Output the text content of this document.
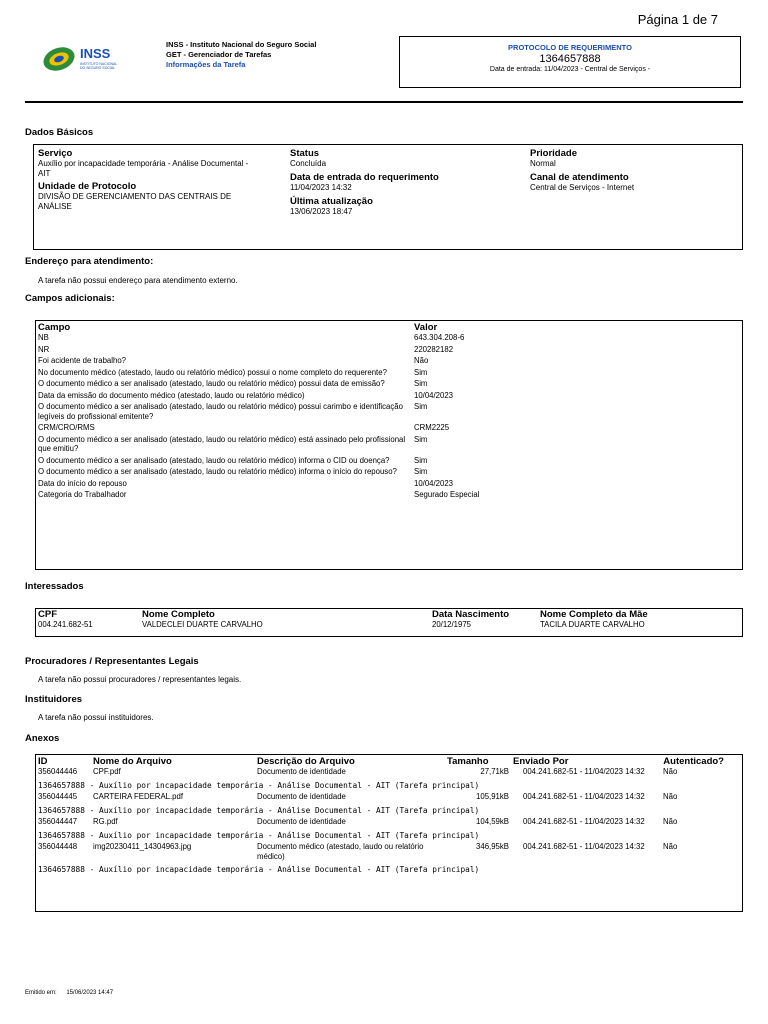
Página 1 de 7
INSS
INSTITUTO NACIONAL
DO SEGURO SOCIAL
INSS - Instituto Nacional do Seguro Social
GET - Gerenciador de Tarefas
Informações da Tarefa
PROTOCOLO DE REQUERIMENTO
1364657888
Data de entrada: 11/04/2023 - Central de Serviços -
Dados Básicos
Serviço
Auxílio por incapacidade temporária - Análise Documental - AIT
Unidade de Protocolo
DIVISÃO DE GERENCIAMENTO DAS CENTRAIS DE ANÁLISE
Status
Concluída
Data de entrada do requerimento
11/04/2023 14:32
Última atualização
13/06/2023 18:47
Prioridade
Normal
Canal de atendimento
Central de Serviços - Internet
Endereço para atendimento:
A tarefa não possui endereço para atendimento externo.
Campos adicionais:
Campo	Valor
NB	643.304.208-6
NR	220282182
Foi acidente de trabalho?	Não
No documento médico (atestado, laudo ou relatório médico) possui o nome completo do requerente?	Sim
O documento médico a ser analisado (atestado, laudo ou relatório médico) possui data de emissão?	Sim
Data da emissão do documento médico (atestado, laudo ou relatório médico)	10/04/2023
O documento médico a ser analisado (atestado, laudo ou relatório médico) possui carimbo e identificação legíveis do profissional emitente?	Sim
CRM/CRO/RMS	CRM2225
O documento médico a ser analisado (atestado, laudo ou relatório médico) está assinado pelo profissional que emitiu?	Sim
O documento médico a ser analisado (atestado, laudo ou relatório médico) informa o CID ou doença?	Sim
O documento médico a ser analisado (atestado, laudo ou relatório médico) informa o início do repouso?	Sim
Data do início do repouso	10/04/2023
Categoria do Trabalhador	Segurado Especial
Interessados
CPF	Nome Completo	Data Nascimento	Nome Completo da Mãe
004.241.682-51	VALDECLEI DUARTE CARVALHO	20/12/1975	TACILA DUARTE CARVALHO
Procuradores / Representantes Legais
A tarefa não possui procuradores / representantes legais.
Instituidores
A tarefa não possui instituidores.
Anexos
ID	Nome do Arquivo	Descrição do Arquivo	Tamanho	Enviado Por	Autenticado?
356044446	CPF.pdf	Documento de identidade	27,71kB	004.241.682-51 - 11/04/2023 14:32	Não
1364657888 - Auxílio por incapacidade temporária - Análise Documental - AIT (Tarefa principal)					
356044445	CARTEIRA FEDERAL.pdf	Documento de identidade	105,91kB	004.241.682-51 - 11/04/2023 14:32	Não
1364657888 - Auxílio por incapacidade temporária - Análise Documental - AIT (Tarefa principal)					
356044447	RG.pdf	Documento de identidade	104,59kB	004.241.682-51 - 11/04/2023 14:32	Não
1364657888 - Auxílio por incapacidade temporária - Análise Documental - AIT (Tarefa principal)					
356044448	img20230411_14304963.jpg	Documento médico (atestado, laudo ou relatório médico)	346,95kB	004.241.682-51 - 11/04/2023 14:32	Não
1364657888 - Auxílio por incapacidade temporária - Análise Documental - AIT (Tarefa principal)					
Emitido em: 15/06/2023 14:47
